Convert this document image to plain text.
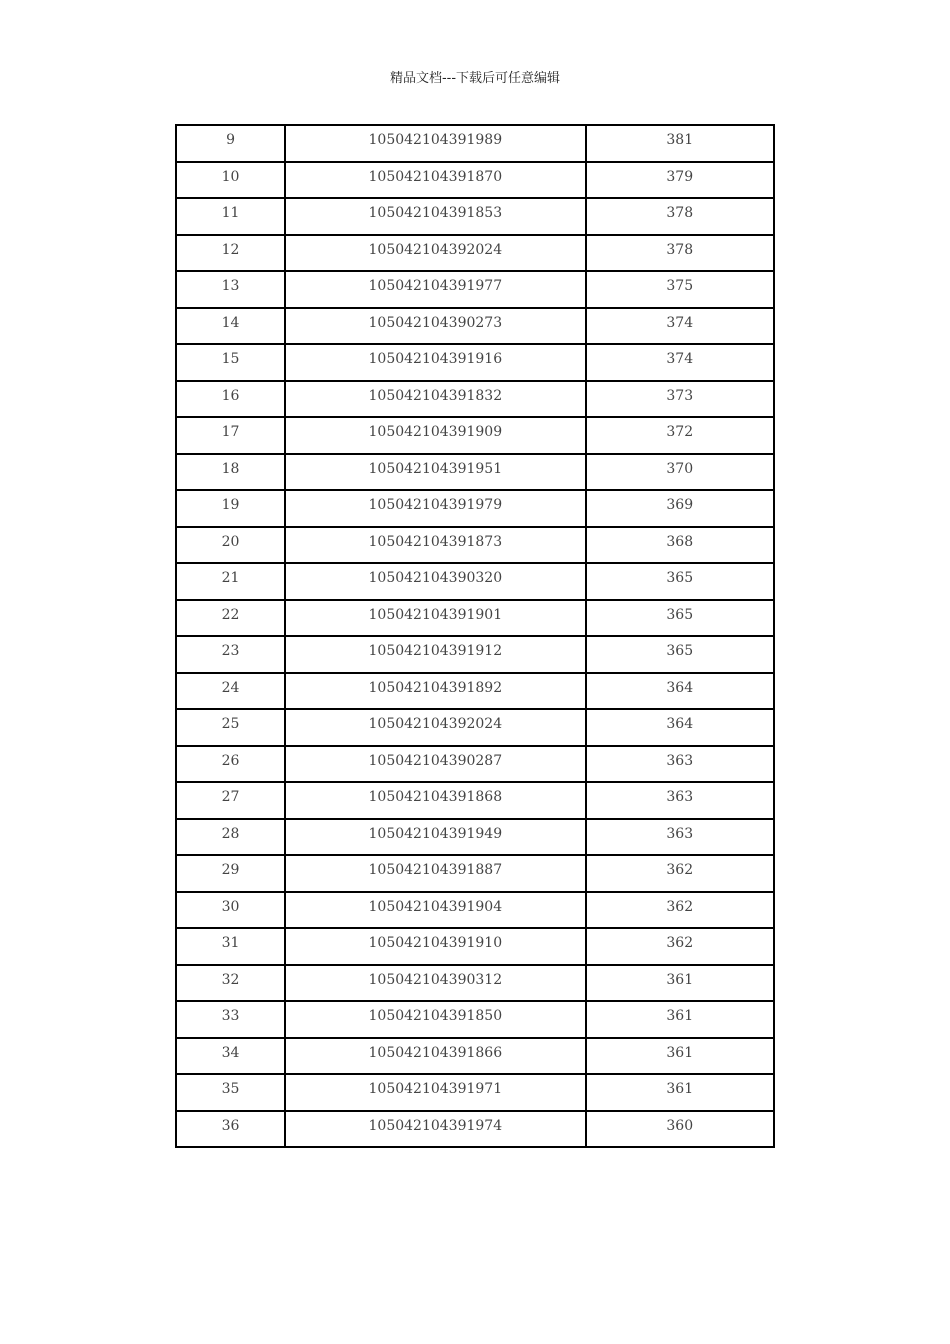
精品文档---下载后可任意编辑
9	105042104391989	381
10	105042104391870	379
11	105042104391853	378
12	105042104392024	378
13	105042104391977	375
14	105042104390273	374
15	105042104391916	374
16	105042104391832	373
17	105042104391909	372
18	105042104391951	370
19	105042104391979	369
20	105042104391873	368
21	105042104390320	365
22	105042104391901	365
23	105042104391912	365
24	105042104391892	364
25	105042104392024	364
26	105042104390287	363
27	105042104391868	363
28	105042104391949	363
29	105042104391887	362
30	105042104391904	362
31	105042104391910	362
32	105042104390312	361
33	105042104391850	361
34	105042104391866	361
35	105042104391971	361
36	105042104391974	360
